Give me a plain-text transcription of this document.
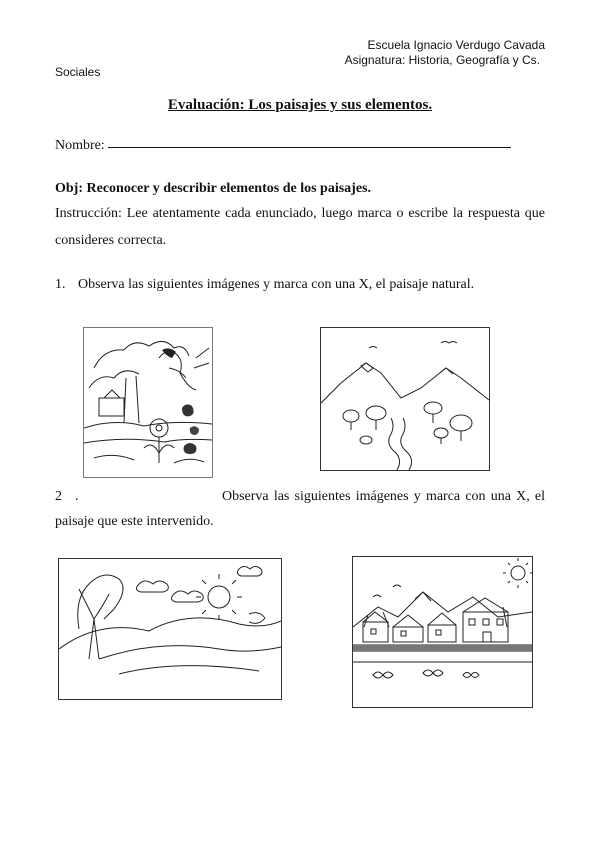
Escuela Ignacio Verdugo Cavada
Asignatura: Historia, Geografía y Cs.
Sociales
Evaluación: Los paisajes y sus elementos.
Nombre:
Obj: Reconocer y describir elementos de los paisajes.
Instrucción: Lee atentamente cada enunciado, luego marca o escribe la respuesta que consideres correcta.
1. Observa las siguientes imágenes y marca con una X, el paisaje natural.
2 .	Observa las siguientes imágenes y marca con una X, el
paisaje que este intervenido.
